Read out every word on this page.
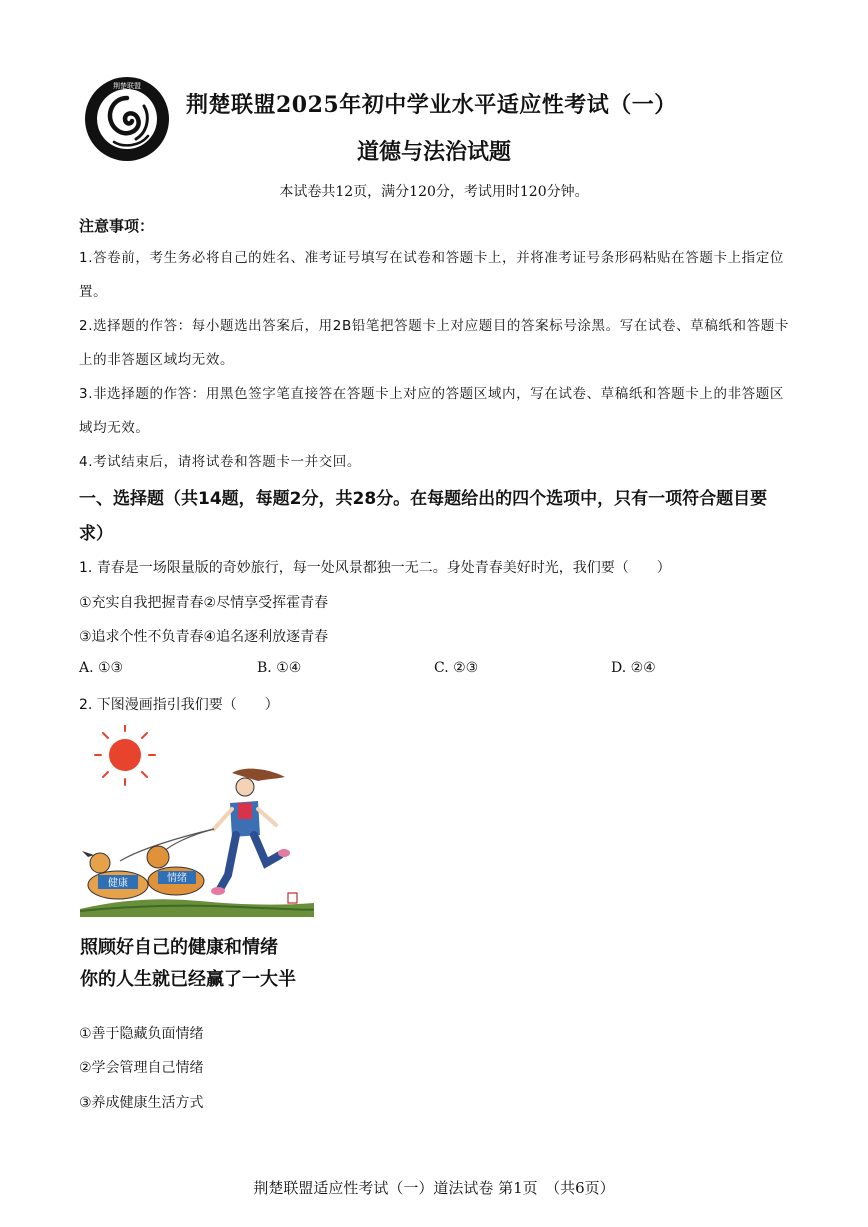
荆楚联盟
荆楚联盟2025年初中学业水平适应性考试（一）
道德与法治试题
本试卷共12页，满分120分，考试用时120分钟。
注意事项：
1.答卷前，考生务必将自己的姓名、准考证号填写在试卷和答题卡上，并将准考证号条形码粘贴在答题卡上指定位置。
2.选择题的作答：每小题选出答案后，用2B铅笔把答题卡上对应题目的答案标号涂黑。写在试卷、草稿纸和答题卡上的非答题区域均无效。
3.非选择题的作答：用黑色签字笔直接答在答题卡上对应的答题区域内，写在试卷、草稿纸和答题卡上的非答题区域均无效。
4.考试结束后，请将试卷和答题卡一并交回。
一、选择题（共14题，每题2分，共28分。在每题给出的四个选项中，只有一项符合题目要求）
1. 青春是一场限量版的奇妙旅行，每一处风景都独一无二。身处青春美好时光，我们要（　　）
①充实自我把握青春②尽情享受挥霍青春
③追求个性不负青春④追名逐利放逐青春
A. ①③	B. ①④	C. ②③	D. ②④
2. 下图漫画指引我们要（　　）
健康	情绪
照顾好自己的健康和情绪
你的人生就已经赢了一大半
①善于隐藏负面情绪
②学会管理自己情绪
③养成健康生活方式
荆楚联盟适应性考试（一）道法试卷 第1页　（共6页）
